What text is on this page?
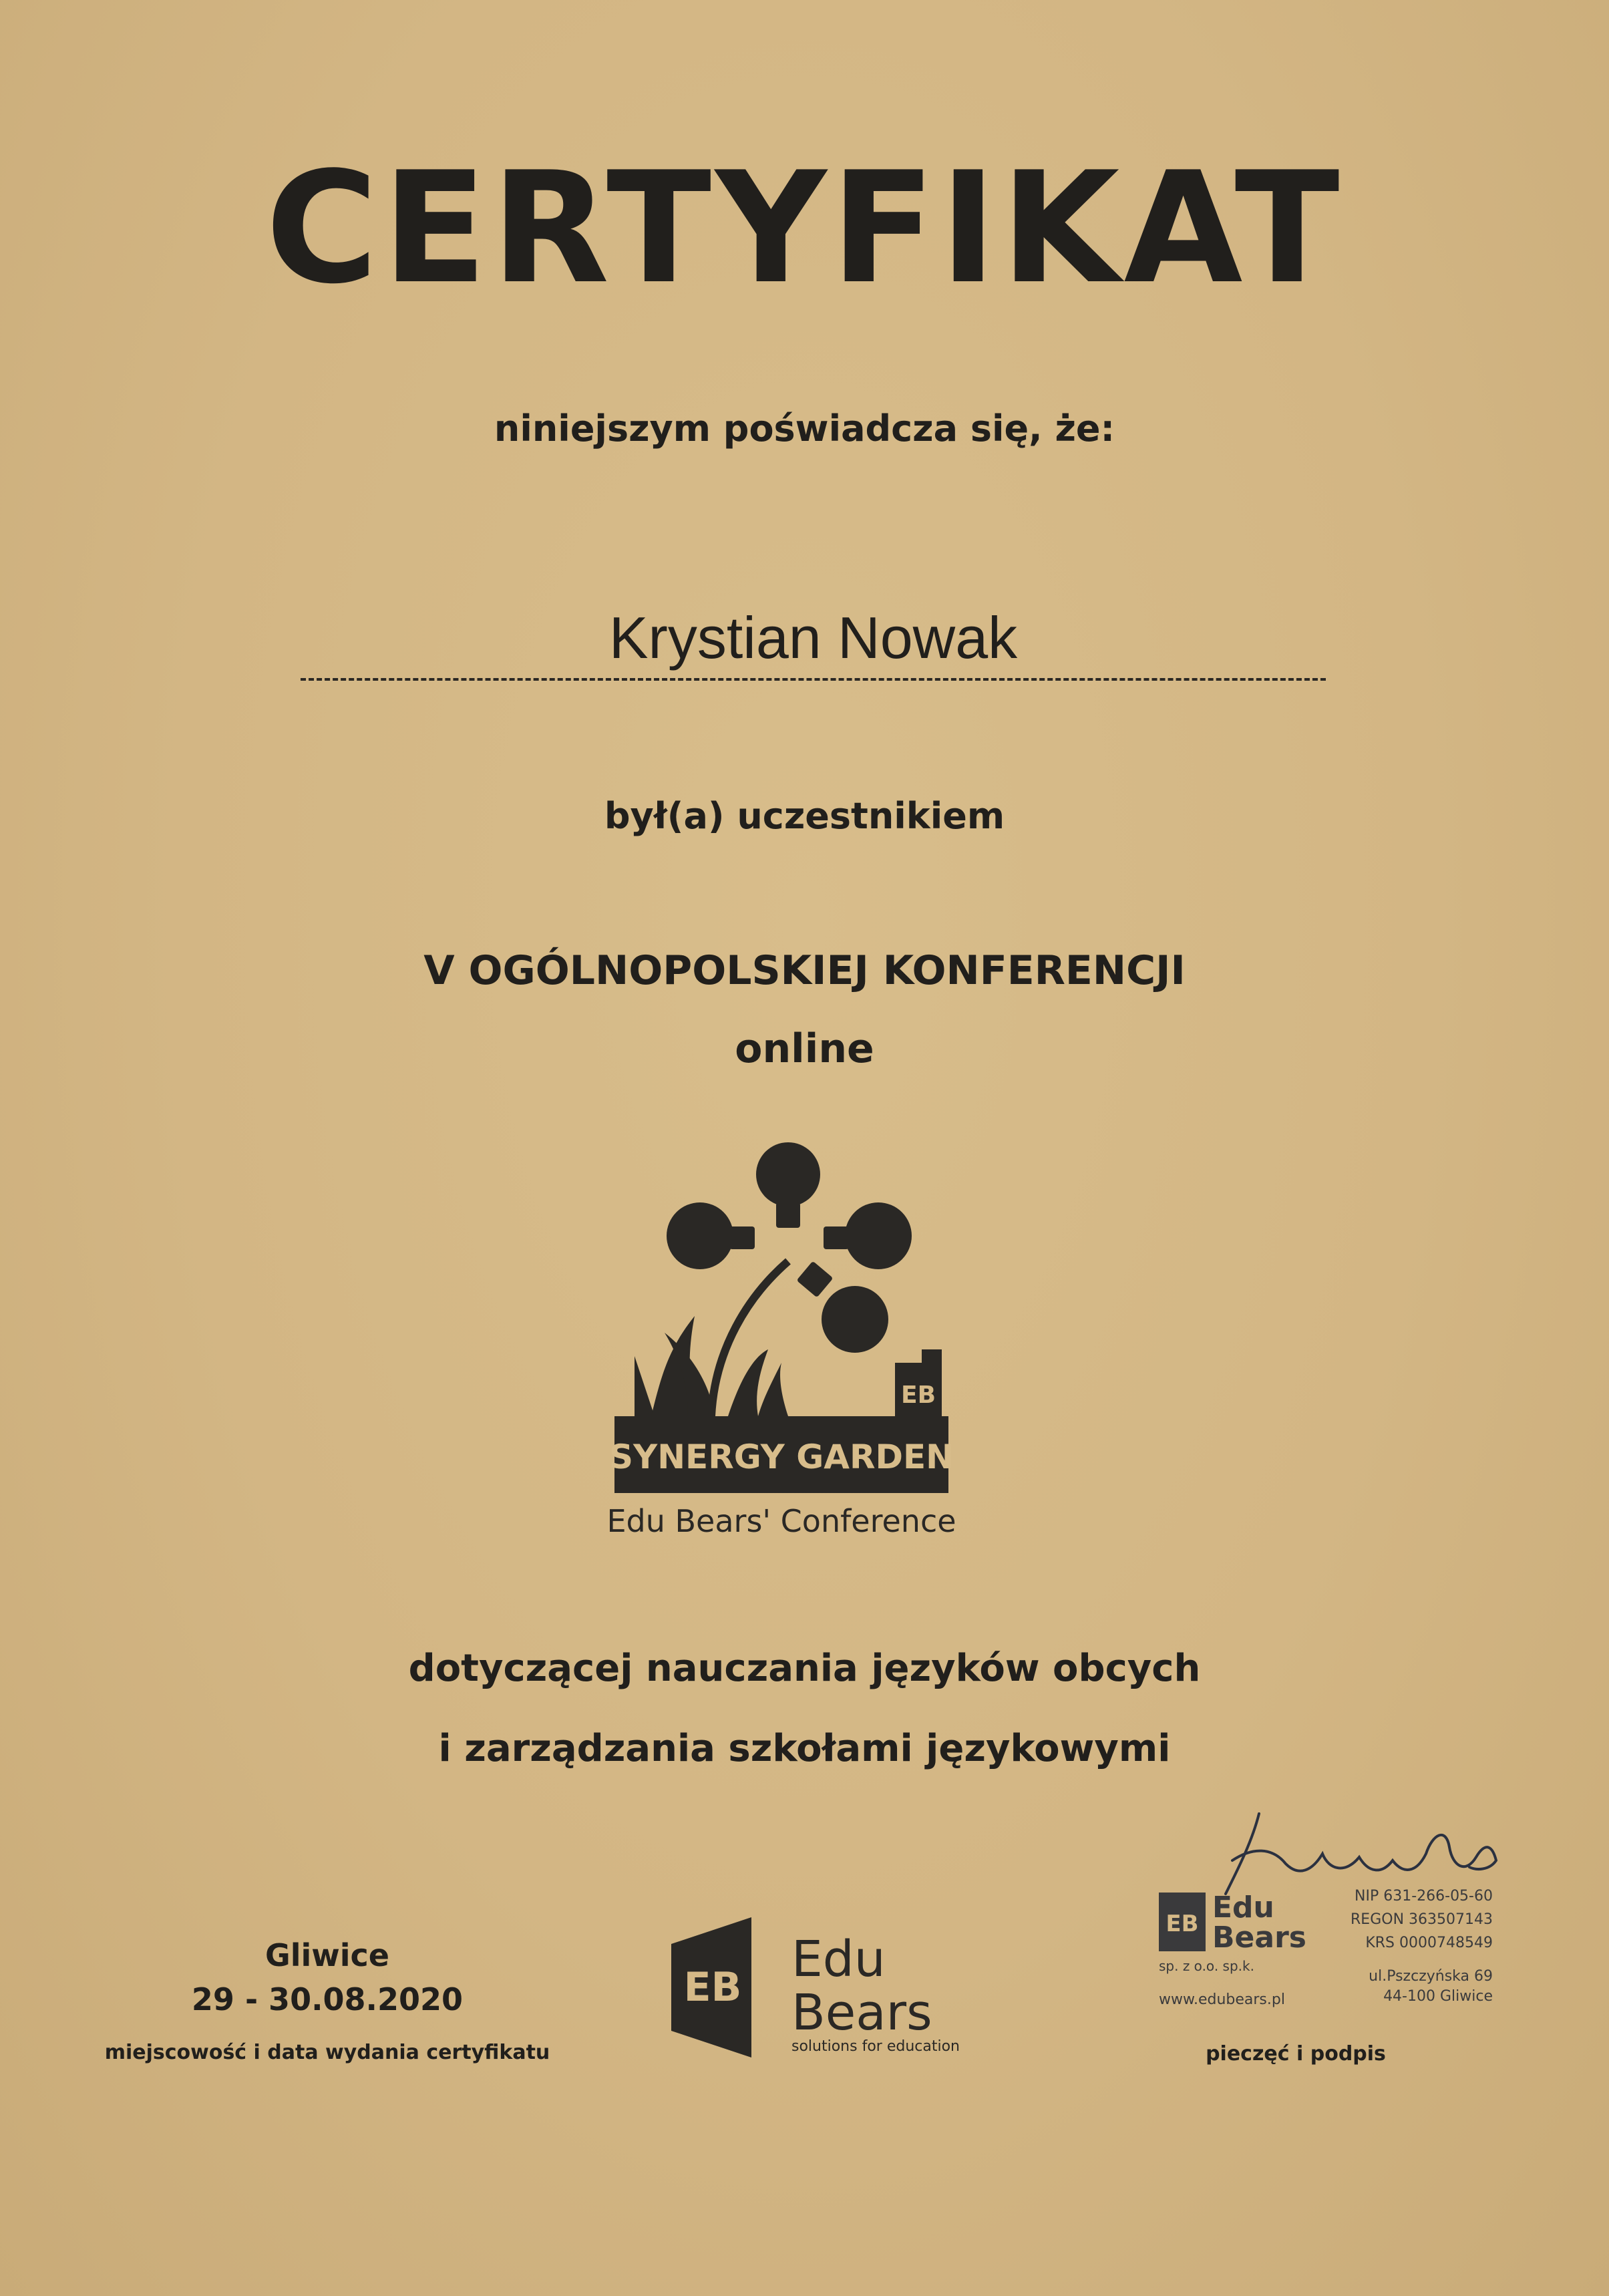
CERTYFIKAT
niniejszym poświadcza się, że:
Krystian Nowak
był(a) uczestnikiem
V OGÓLNOPOLSKIEJ KONFERENCJI
online
EB
SYNERGY GARDEN
Edu Bears' Conference
dotyczącej nauczania języków obcych
i zarządzania szkołami językowymi
Gliwice
29 - 30.08.2020
miejscowość i data wydania certyfikatu
EB Edu
Bears
solutions for education
EB Edu
Bears
sp. z o.o. sp.k.
www.edubears.pl
NIP 631-266-05-60
REGON 363507143
KRS 0000748549
ul.Pszczyńska 69
44-100 Gliwice
pieczęć i podpis
